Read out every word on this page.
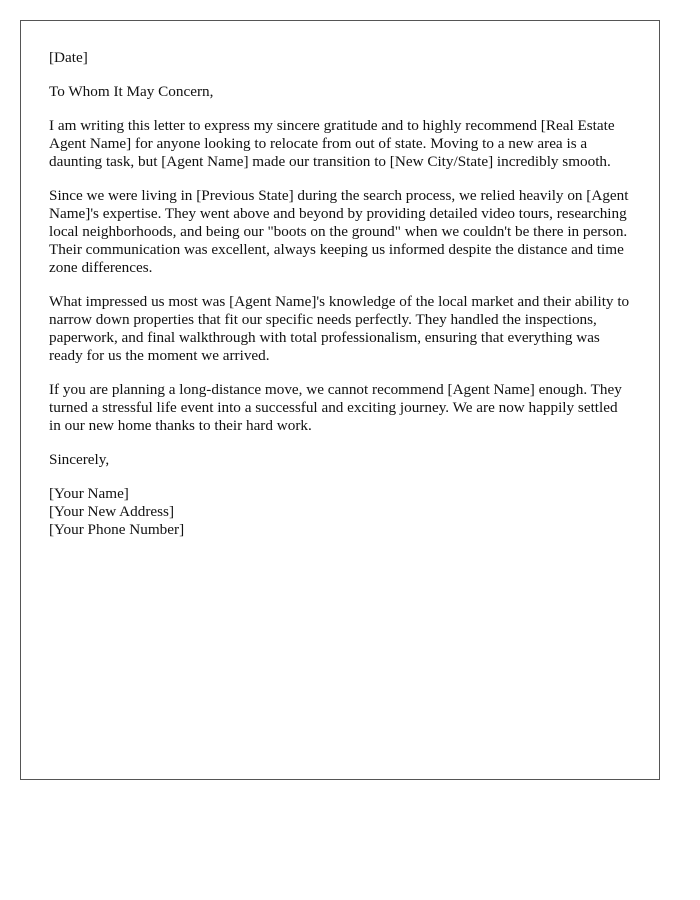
[Date]

To Whom It May Concern,

I am writing this letter to express my sincere gratitude and to highly recommend [Real Estate Agent Name] for anyone looking to relocate from out of state. Moving to a new area is a daunting task, but [Agent Name] made our transition to [New City/State] incredibly smooth.

Since we were living in [Previous State] during the search process, we relied heavily on [Agent Name]'s expertise. They went above and beyond by providing detailed video tours, researching local neighborhoods, and being our "boots on the ground" when we couldn't be there in person. Their communication was excellent, always keeping us informed despite the distance and time zone differences.

What impressed us most was [Agent Name]'s knowledge of the local market and their ability to narrow down properties that fit our specific needs perfectly. They handled the inspections, paperwork, and final walkthrough with total professionalism, ensuring that everything was ready for us the moment we arrived.

If you are planning a long-distance move, we cannot recommend [Agent Name] enough. They turned a stressful life event into a successful and exciting journey. We are now happily settled in our new home thanks to their hard work.

Sincerely,

[Your Name]
[Your New Address]
[Your Phone Number]
